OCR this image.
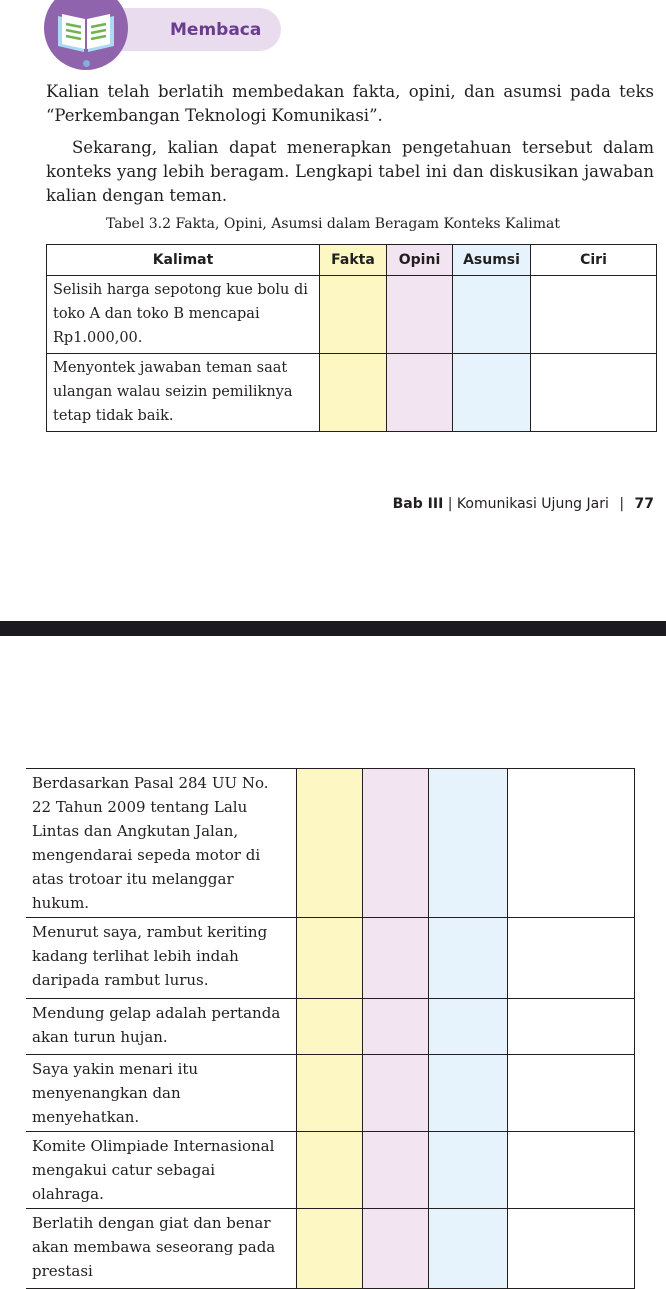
Membaca
Kalian telah berlatih membedakan fakta, opini, dan asumsi pada teks “Perkembangan Teknologi Komunikasi”.
Sekarang, kalian dapat menerapkan pengetahuan tersebut dalam konteks yang lebih beragam. Lengkapi tabel ini dan diskusikan jawaban kalian dengan teman.
Tabel 3.2 Fakta, Opini, Asumsi dalam Beragam Konteks Kalimat
Kalimat	Fakta	Opini	Asumsi	Ciri
Selisih harga sepotong kue bolu di toko A dan toko B mencapai Rp1.000,00.				
Menyontek jawaban teman saat ulangan walau seizin pemiliknya tetap tidak baik.				
Bab III | Komunikasi Ujung Jari | 77
Berdasarkan Pasal 284 UU No. 22 Tahun 2009 tentang Lalu Lintas dan Angkutan Jalan, mengendarai sepeda motor di atas trotoar itu melanggar hukum.				
Menurut saya, rambut keriting kadang terlihat lebih indah daripada rambut lurus.				
Mendung gelap adalah pertanda akan turun hujan.				
Saya yakin menari itu menyenangkan dan menyehatkan.				
Komite Olimpiade Internasional mengakui catur sebagai olahraga.				
Berlatih dengan giat dan benar akan membawa seseorang pada prestasi				
